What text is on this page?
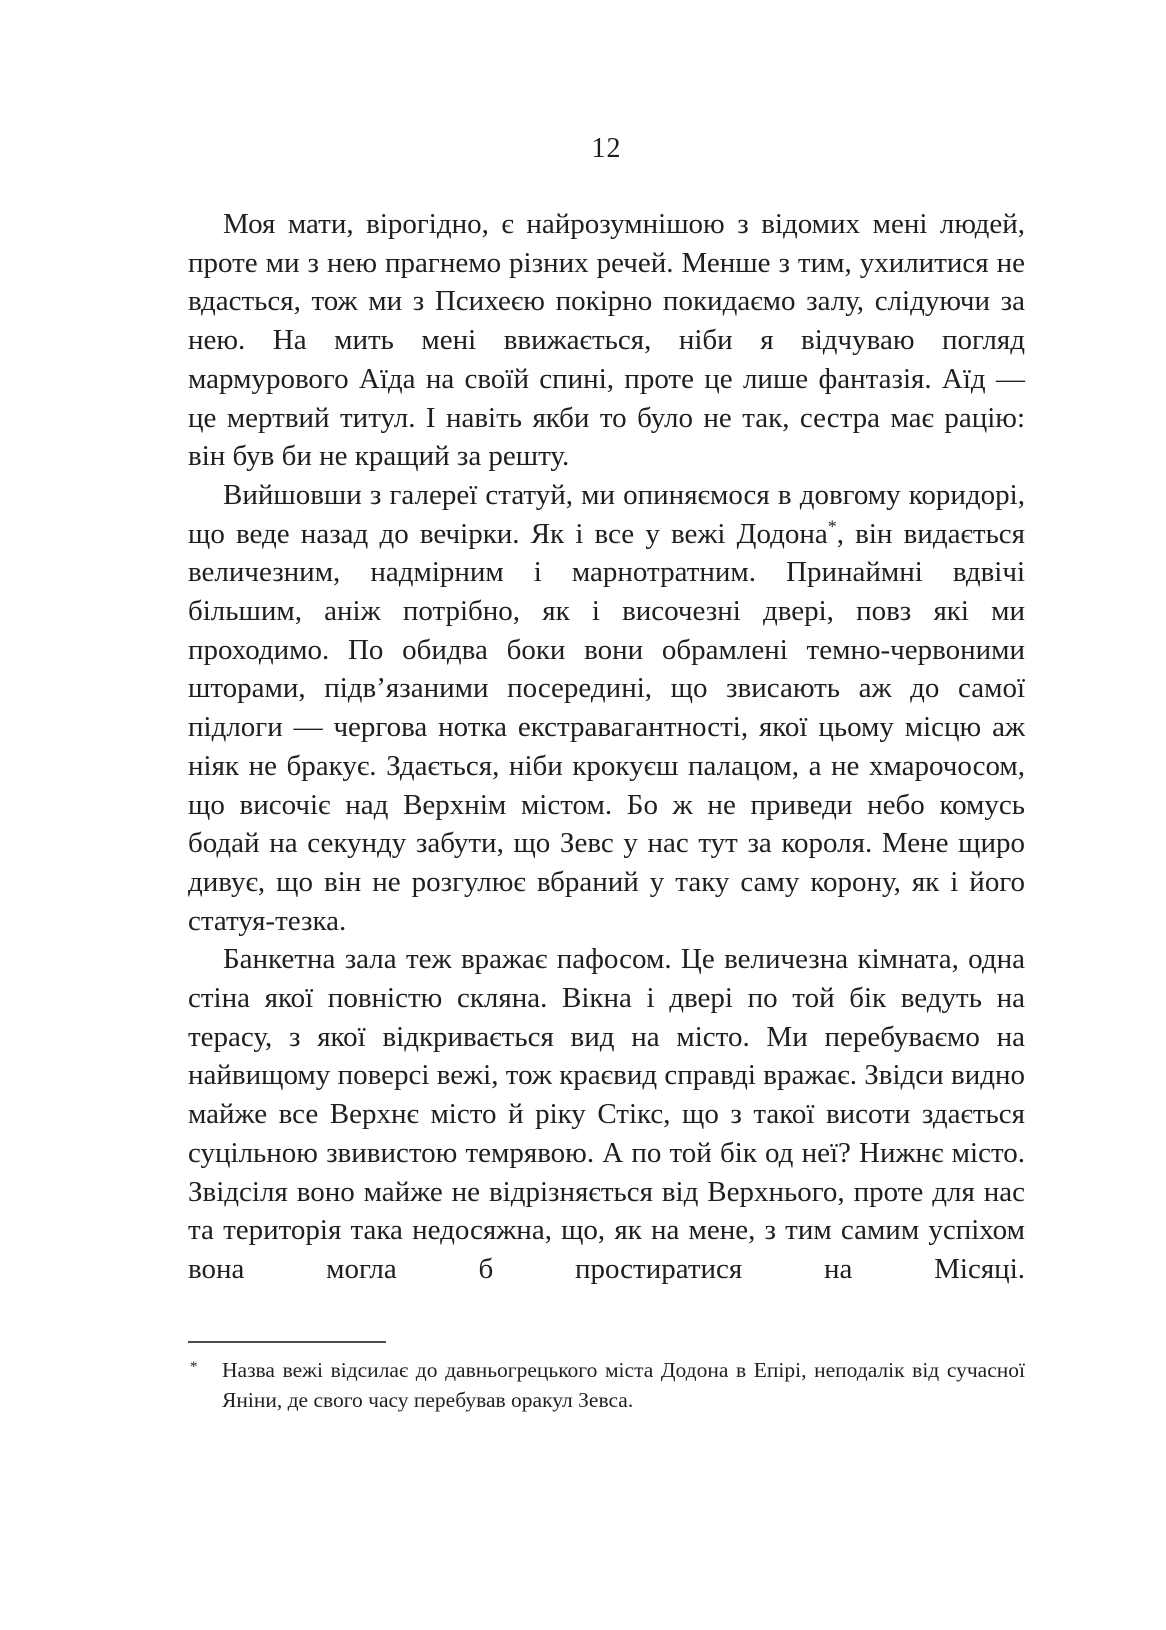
12

Моя мати, вірогідно, є найрозумнішою з відомих мені людей, проте ми з нею прагнемо різних речей. Менше з тим, ухилитися не вдасться, тож ми з Психеєю покірно покидаємо залу, слідуючи за нею. На мить мені ввижається, ніби я відчуваю погляд мармурового Аїда на своїй спині, проте це лише фантазія. Аїд — це мертвий титул. І навіть якби то було не так, сестра має рацію: він був би не кращий за решту.

Вийшовши з галереї статуй, ми опиняємося в довгому коридорі, що веде назад до вечірки. Як і все у вежі Додона*, він видається величезним, надмірним і марнотратним. Принаймні вдвічі більшим, аніж потрібно, як і височезні двері, повз які ми проходимо. По обидва боки вони обрамлені темно-червоними шторами, підв’язаними посередині, що звисають аж до самої підлоги — чергова нотка екстравагантності, якої цьому місцю аж ніяк не бракує. Здається, ніби крокуєш палацом, а не хмарочосом, що височіє над Верхнім містом. Бо ж не приведи небо комусь бодай на секунду забути, що Зевс у нас тут за короля. Мене щиро дивує, що він не розгулює вбраний у таку саму корону, як і його статуя-тезка.

Банкетна зала теж вражає пафосом. Це величезна кімната, одна стіна якої повністю скляна. Вікна і двері по той бік ведуть на терасу, з якої відкривається вид на місто. Ми перебуваємо на найвищому поверсі вежі, тож краєвид справді вражає. Звідси видно майже все Верхнє місто й ріку Стікс, що з такої висоти здається суцільною звивистою темрявою. А по той бік од неї? Нижнє місто. Звідсіля воно майже не відрізняється від Верхнього, проте для нас та територія така недосяжна, що, як на мене, з тим самим успіхом вона могла б простиратися на Місяці.

*	Назва вежі відсилає до давньогрецького міста Додона в Епірі, неподалік від сучасної Яніни, де свого часу перебував оракул Зевса.
